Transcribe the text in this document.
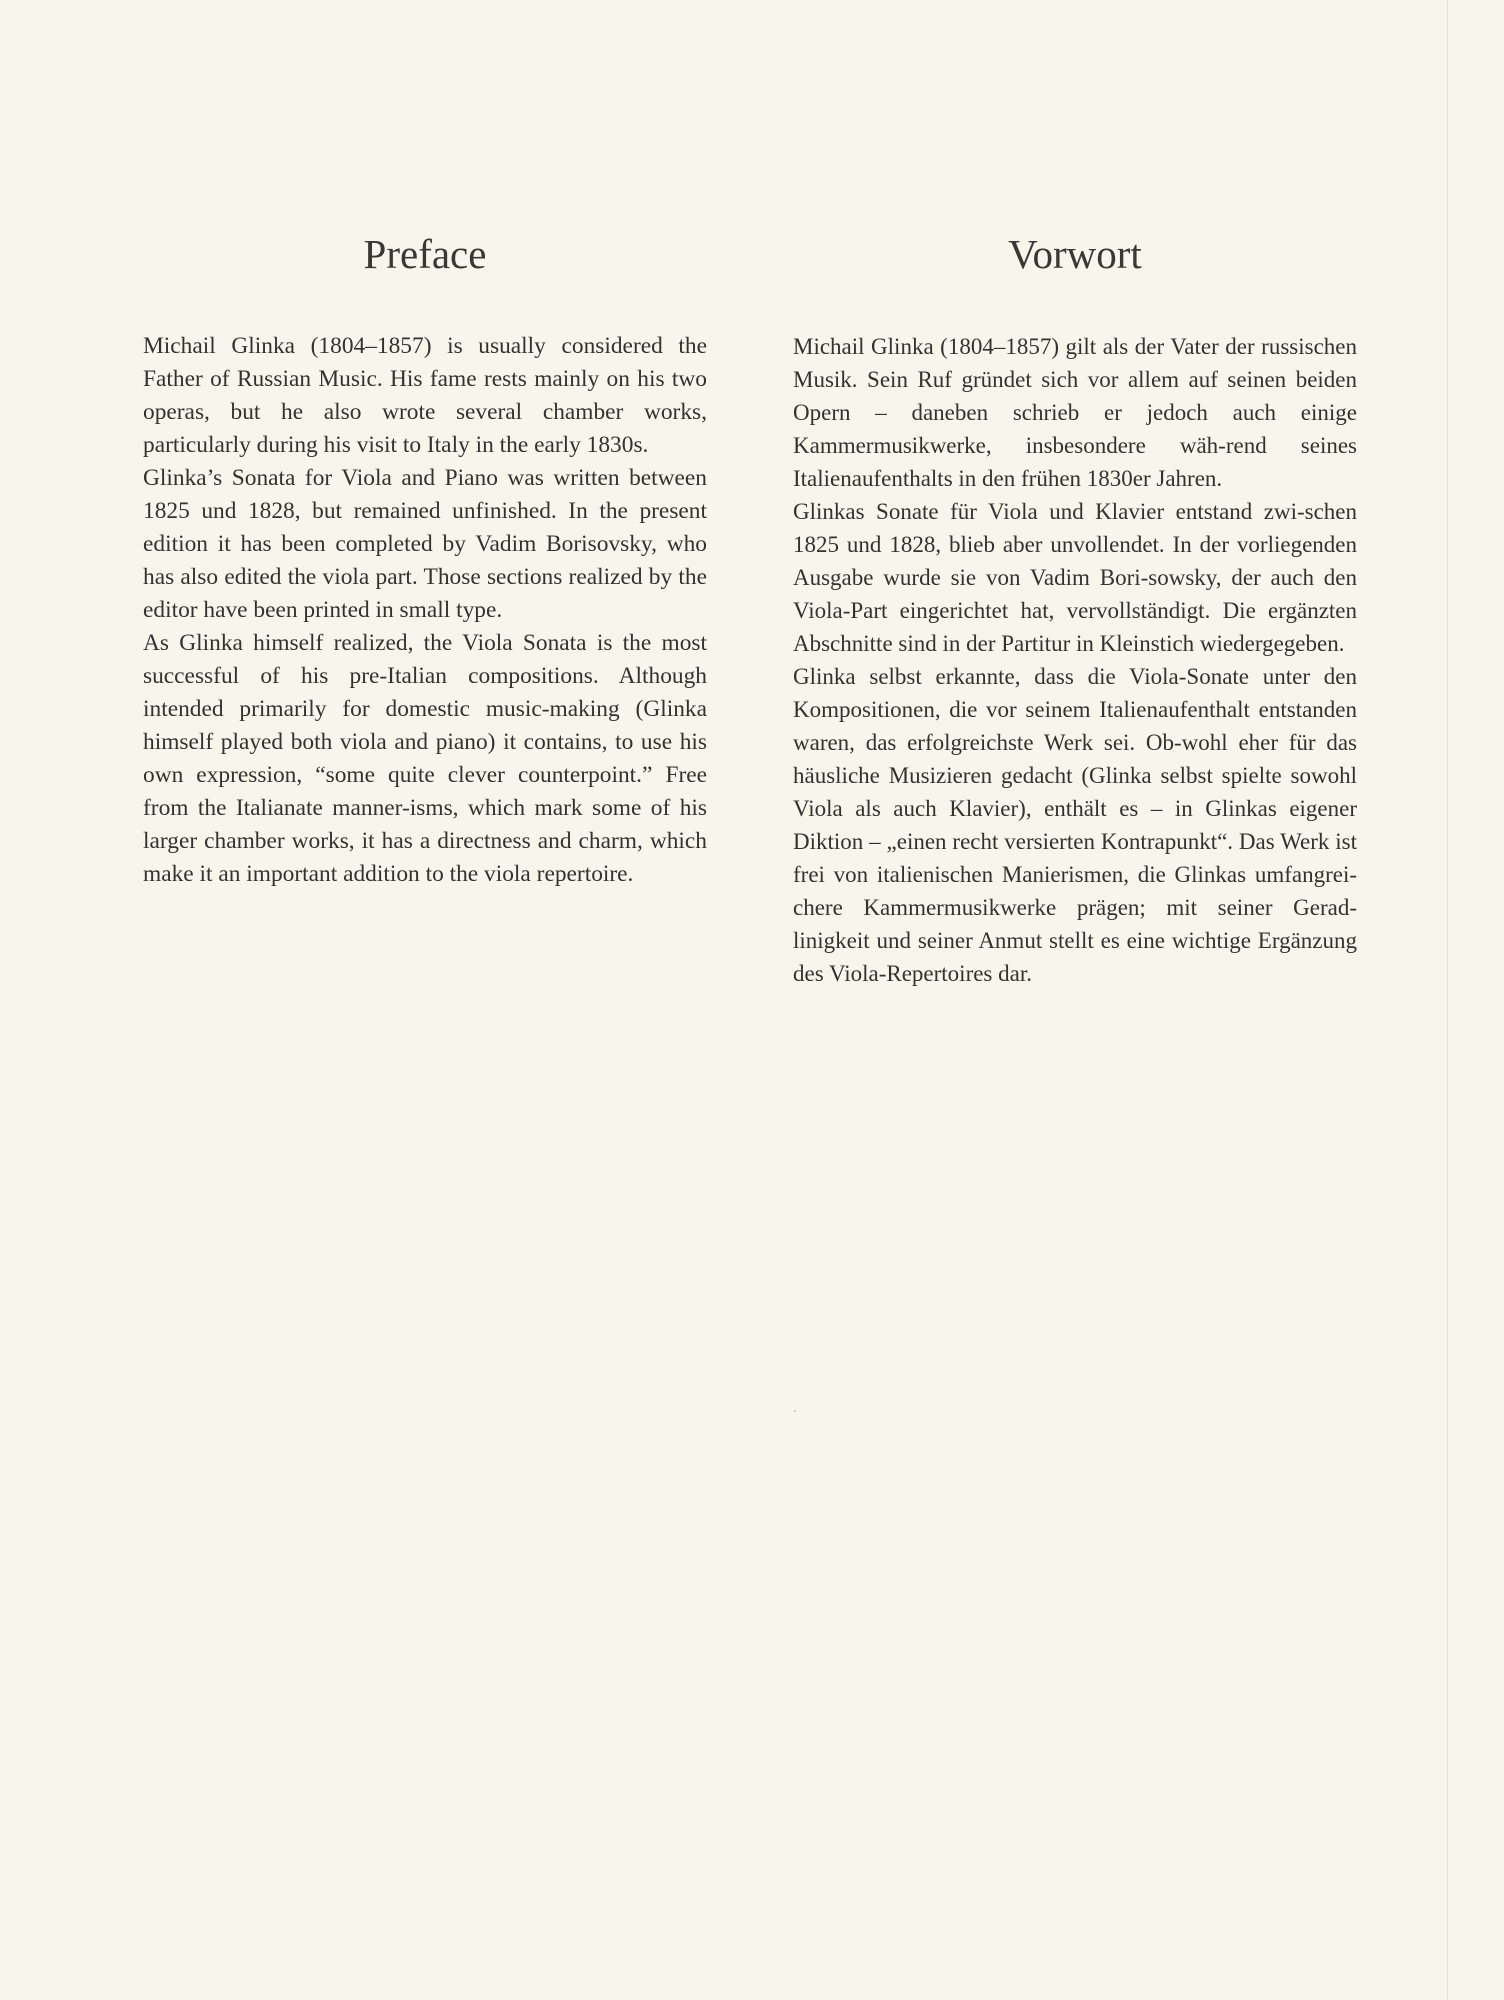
Preface

Michail Glinka (1804–1857) is usually considered the Father of Russian Music. His fame rests mainly on his two operas, but he also wrote several chamber works, particularly during his visit to Italy in the early 1830s.

Glinka’s Sonata for Viola and Piano was written between 1825 und 1828, but remained unfinished. In the present edition it has been completed by Vadim Borisovsky, who has also edited the viola part. Those sections realized by the editor have been printed in small type.

As Glinka himself realized, the Viola Sonata is the most successful of his pre-Italian compositions. Although intended primarily for domestic music-making (Glinka himself played both viola and piano) it contains, to use his own expression, “some quite clever counterpoint.” Free from the Italianate manner-isms, which mark some of his larger chamber works, it has a directness and charm, which make it an important addition to the viola repertoire.

Vorwort

Michail Glinka (1804–1857) gilt als der Vater der russischen Musik. Sein Ruf gründet sich vor allem auf seinen beiden Opern – daneben schrieb er jedoch auch einige Kammermusikwerke, insbesondere wäh-rend seines Italienaufenthalts in den frühen 1830er Jahren.

Glinkas Sonate für Viola und Klavier entstand zwi-schen 1825 und 1828, blieb aber unvollendet. In der vorliegenden Ausgabe wurde sie von Vadim Bori-sowsky, der auch den Viola-Part eingerichtet hat, vervollständigt. Die ergänzten Abschnitte sind in der Partitur in Kleinstich wiedergegeben.

Glinka selbst erkannte, dass die Viola-Sonate unter den Kompositionen, die vor seinem Italienaufenthalt entstanden waren, das erfolgreichste Werk sei. Ob-wohl eher für das häusliche Musizieren gedacht (Glinka selbst spielte sowohl Viola als auch Klavier), enthält es – in Glinkas eigener Diktion – „einen recht versierten Kontrapunkt“. Das Werk ist frei von italienischen Manierismen, die Glinkas umfangrei-chere Kammermusikwerke prägen; mit seiner Gerad-linigkeit und seiner Anmut stellt es eine wichtige Ergänzung des Viola-Repertoires dar.
